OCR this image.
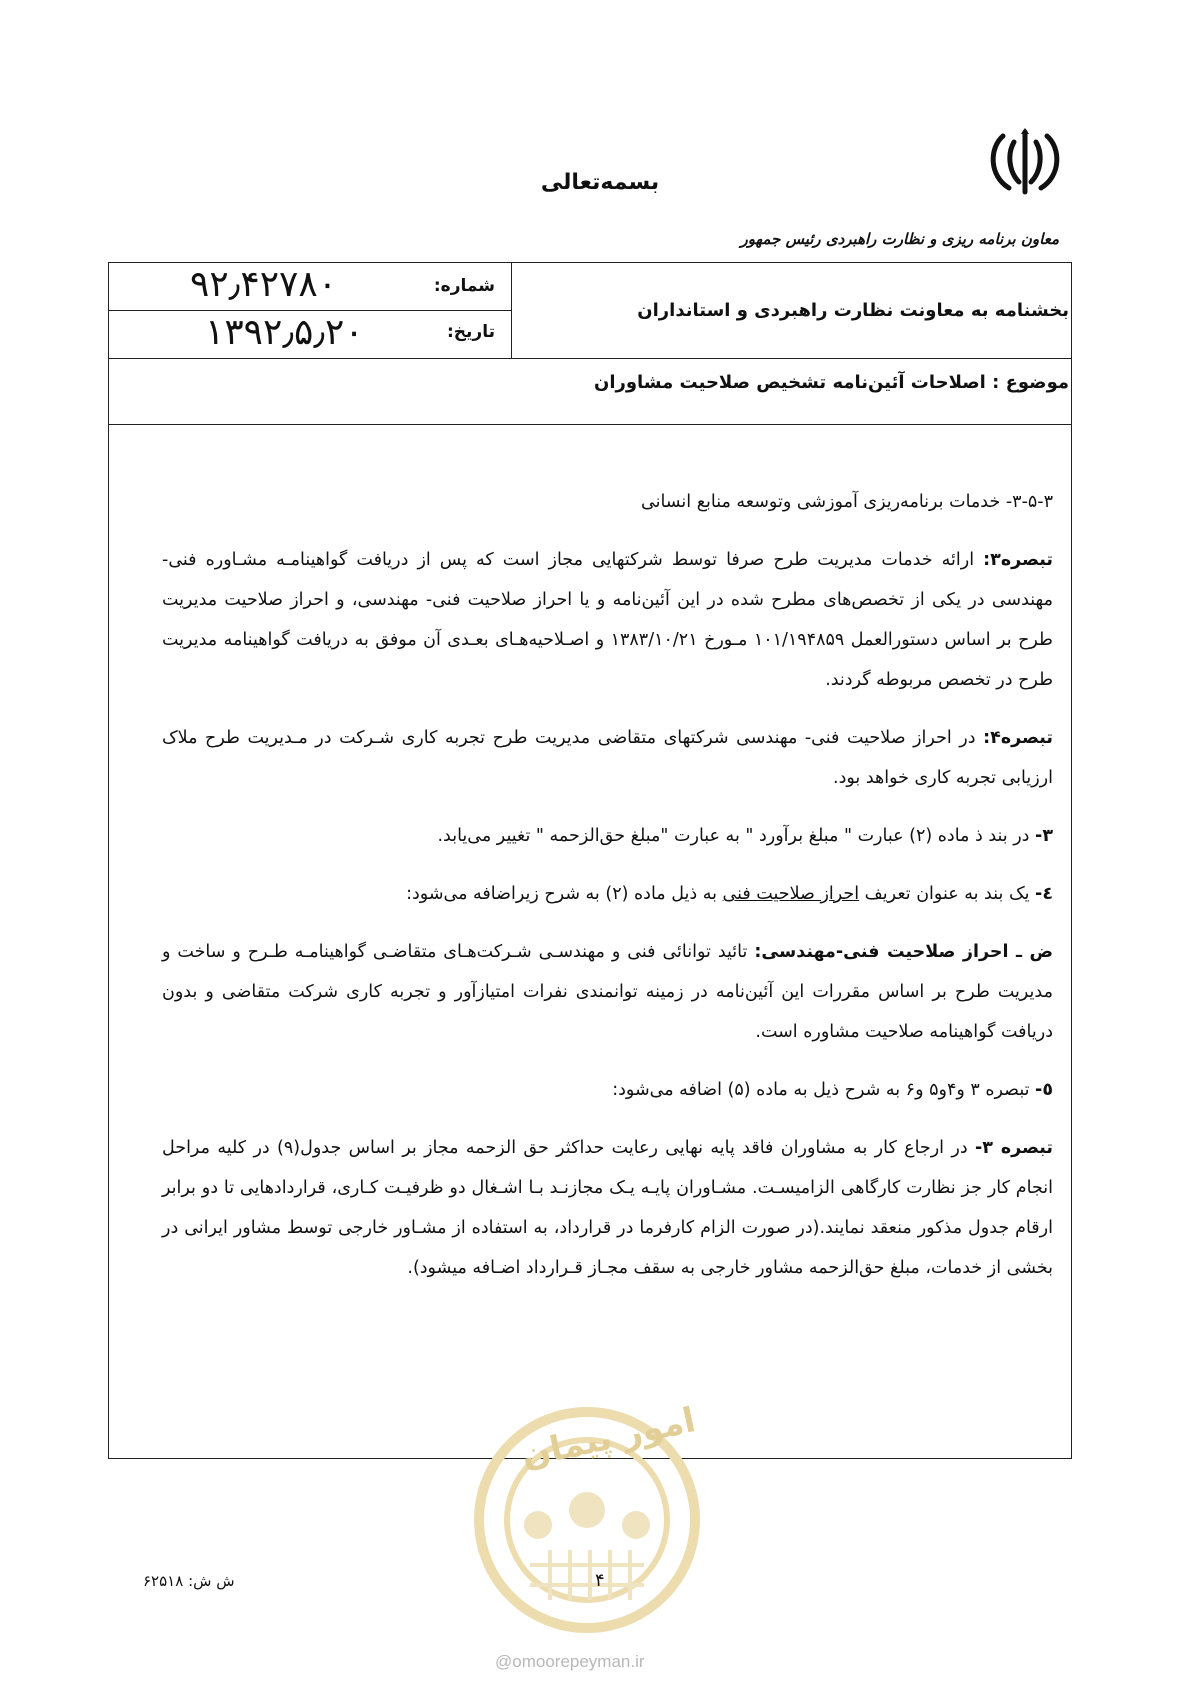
بسمه‌تعالی
معاون برنامه ریزی و نظارت راهبردی رئیس جمهور
شماره:
۹۲٫۴۲۷۸۰
تاریخ:
۱۳۹۲٫۵٫۲۰
بخشنامه به معاونت نظارت راهبردی و استانداران
موضوع : اصلاحات آئین‌نامه تشخیص صلاحیت مشاوران

۳-۵-۳- خدمات برنامه‌ریزی آموزشی وتوسعه منابع انسانی

تبصره۳: ارائه خدمات مدیریت طرح صرفا توسط شرکتهایی مجاز است که پس از دریافت گواهینامـه مشـاوره فنی-مهندسی در یکی از تخصص‌های مطرح شده در این آئین‌نامه و یا احراز صلاحیت فنی- مهندسی، و احراز صلاحیت مدیریت طرح بر اساس دستورالعمل ۱۰۱/۱۹۴۸۵۹ مـورخ ۱۳۸۳/۱۰/۲۱ و اصـلاحیه‌هـای بعـدی آن موفق به دریافت گواهینامه مدیریت طرح در تخصص مربوطه گردند.

تبصره۴: در احراز صلاحیت فنی- مهندسی شرکتهای متقاضی مدیریت طرح تجربه کاری شـرکت در مـدیریت طرح ملاک ارزیابی تجربه کاری خواهد بود.

۳- در بند ذ ماده (۲) عبارت " مبلغ برآورد " به عبارت "مبلغ حق‌الزحمه " تغییر می‌یابد.

٤- یک بند به عنوان تعریف احراز صلاحیت فنی به ذیل ماده (۲) به شرح زیراضافه می‌شود:

ض ـ احراز صلاحیت فنی-مهندسی: تائید توانائی فنی و مهندسـی شـرکت‌هـای متقاضـی گواهینامـه طـرح و ساخت و مدیریت طرح بر اساس مقررات این آئین‌نامه در زمینه توانمندی نفرات امتیازآور و تجربه کاری شرکت متقاضی و بدون دریافت گواهینامه صلاحیت مشاوره است.

٥- تبصره ۳ و۴و۵ و۶ به شرح ذیل به ماده (۵) اضافه می‌شود:

تبصره ۳- در ارجاع کار به مشاوران فاقد پایه نهایی رعایت حداکثر حق الزحمه مجاز بر اساس جدول(۹) در کلیه مراحل انجام کار جز نظارت کارگاهی الزامیسـت. مشـاوران پایـه یـک مجازنـد بـا اشـغال دو ظرفیـت کـاری، قراردادهایی تا دو برابر ارقام جدول مذکور منعقد نمایند.(در صورت الزام کارفرما در قرارداد، به استفاده از مشـاور خارجی توسط مشاور ایرانی در بخشی از خدمات، مبلغ حق‌الزحمه مشاور خارجی به سقف مجـاز قـرارداد اضـافه میشود).

امور پیمان
@omoorepeyman.ir
ش ش: ۶۲۵۱۸	۴
